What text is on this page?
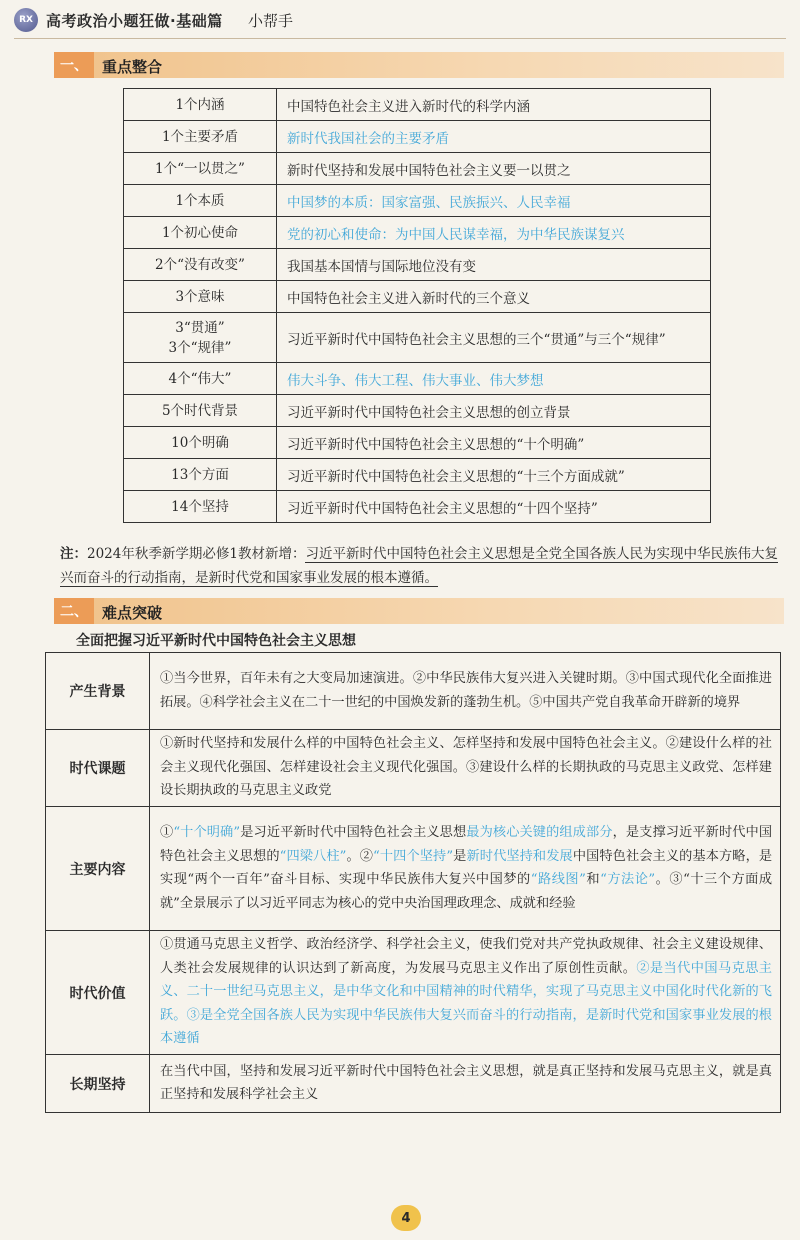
RX 高考政治小题狂做·基础篇 小帮手
一、 重点整合
1个内涵	中国特色社会主义进入新时代的科学内涵
1个主要矛盾	新时代我国社会的主要矛盾
1个“一以贯之”	新时代坚持和发展中国特色社会主义要一以贯之
1个本质	中国梦的本质：国家富强、民族振兴、人民幸福
1个初心使命	党的初心和使命：为中国人民谋幸福，为中华民族谋复兴
2个“没有改变”	我国基本国情与国际地位没有变
3个意味	中国特色社会主义进入新时代的三个意义
3“贯通”
3个“规律”	习近平新时代中国特色社会主义思想的三个“贯通”与三个“规律”
4个“伟大”	伟大斗争、伟大工程、伟大事业、伟大梦想
5个时代背景	习近平新时代中国特色社会主义思想的创立背景
10个明确	习近平新时代中国特色社会主义思想的“十个明确”
13个方面	习近平新时代中国特色社会主义思想的“十三个方面成就”
14个坚持	习近平新时代中国特色社会主义思想的“十四个坚持”
注：2024年秋季新学期必修1教材新增：习近平新时代中国特色社会主义思想是全党全国各族人民为实现中华民族伟大复兴而奋斗的行动指南，是新时代党和国家事业发展的根本遵循。
二、 难点突破
全面把握习近平新时代中国特色社会主义思想
产生背景	①当今世界，百年未有之大变局加速演进。②中华民族伟大复兴进入关键时期。③中国式现代化全面推进拓展。④科学社会主义在二十一世纪的中国焕发新的蓬勃生机。⑤中国共产党自我革命开辟新的境界
时代课题	①新时代坚持和发展什么样的中国特色社会主义、怎样坚持和发展中国特色社会主义。②建设什么样的社会主义现代化强国、怎样建设社会主义现代化强国。③建设什么样的长期执政的马克思主义政党、怎样建设长期执政的马克思主义政党
主要内容	①“十个明确”是习近平新时代中国特色社会主义思想最为核心关键的组成部分，是支撑习近平新时代中国特色社会主义思想的“四梁八柱”。②“十四个坚持”是新时代坚持和发展中国特色社会主义的基本方略，是实现“两个一百年”奋斗目标、实现中华民族伟大复兴中国梦的“路线图”和“方法论”。③“十三个方面成就”全景展示了以习近平同志为核心的党中央治国理政理念、成就和经验
时代价值	①贯通马克思主义哲学、政治经济学、科学社会主义，使我们党对共产党执政规律、社会主义建设规律、人类社会发展规律的认识达到了新高度，为发展马克思主义作出了原创性贡献。②是当代中国马克思主义、二十一世纪马克思主义，是中华文化和中国精神的时代精华，实现了马克思主义中国化时代化新的飞跃。③是全党全国各族人民为实现中华民族伟大复兴而奋斗的行动指南，是新时代党和国家事业发展的根本遵循
长期坚持	在当代中国，坚持和发展习近平新时代中国特色社会主义思想，就是真正坚持和发展马克思主义，就是真正坚持和发展科学社会主义
4
